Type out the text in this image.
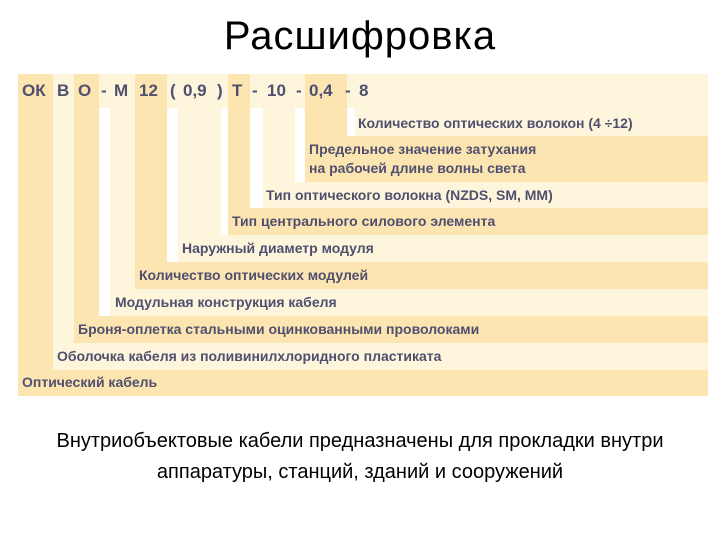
Расшифровка
ОК В О - М 12 ( 0,9 ) Т - 10 - 0,4 - 8
Количество оптических волокон (4 ÷12)
Предельное значение затухания
на рабочей длине волны света
Тип оптического волокна (NZDS, SM, MM)
Тип центрального силового элемента
Наружный диаметр модуля
Количество оптических модулей
Модульная конструкция кабеля
Броня-оплетка стальными оцинкованными проволоками
Оболочка кабеля из поливинилхлоридного пластиката
Оптический кабель
Внутриобъектовые кабели предназначены для прокладки внутри аппаратуры, станций, зданий и сооружений
